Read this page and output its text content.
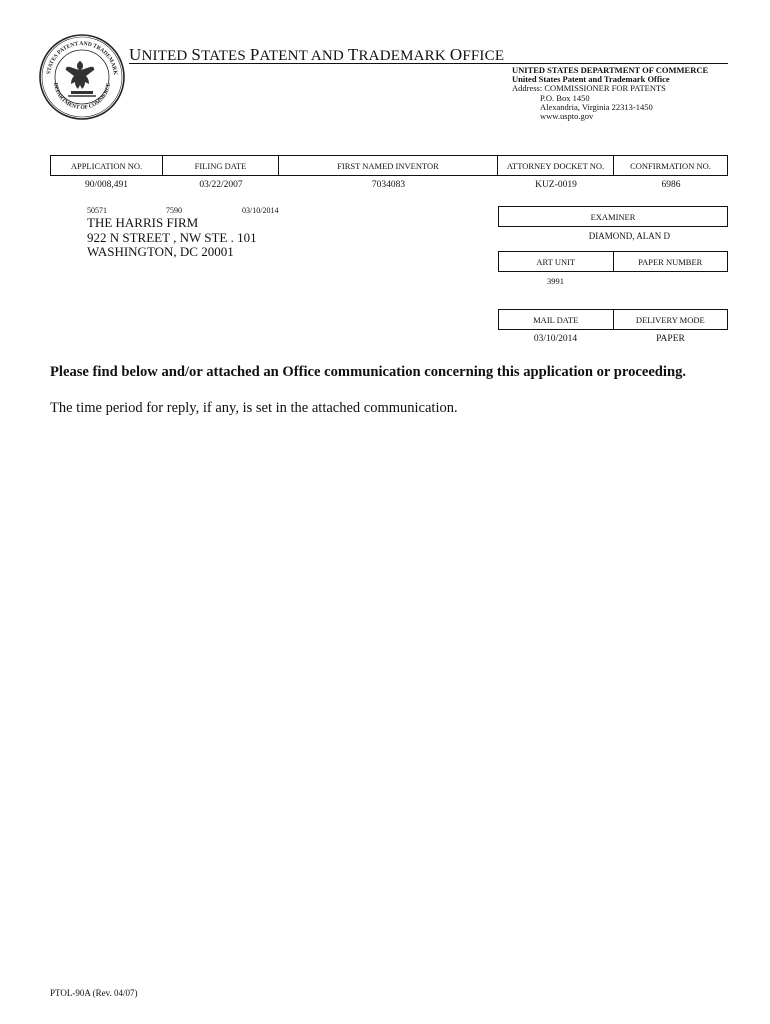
STATES PATENT AND TRADEMARK
DEPARTMENT OF COMMERCE
UNITED STATES PATENT AND TRADEMARK OFFICE
UNITED STATES DEPARTMENT OF COMMERCE
United States Patent and Trademark Office
Address: COMMISSIONER FOR PATENTS
P.O. Box 1450
Alexandria, Virginia 22313-1450
www.uspto.gov
APPLICATION NO.	FILING DATE	FIRST NAMED INVENTOR	ATTORNEY DOCKET NO.	CONFIRMATION NO.
90/008,491	03/22/2007	7034083	KUZ-0019	6986
50571	7590	03/10/2014
THE HARRIS FIRM
922 N STREET , NW STE . 101
WASHINGTON, DC 20001
EXAMINER
DIAMOND, ALAN D
ART UNIT	PAPER NUMBER
3991
MAIL DATE	DELIVERY MODE
03/10/2014	PAPER
Please find below and/or attached an Office communication concerning this application or proceeding.
The time period for reply, if any, is set in the attached communication.
PTOL-90A (Rev. 04/07)
